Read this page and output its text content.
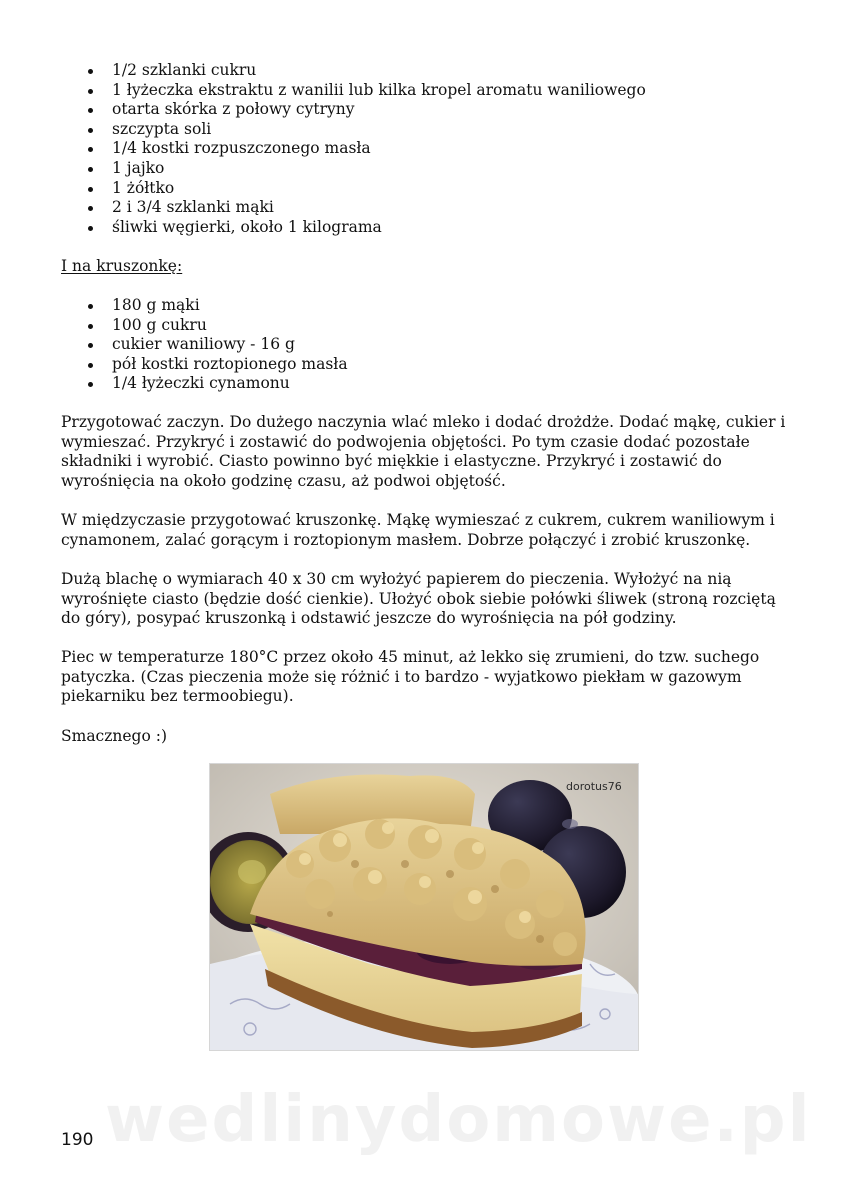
1/2 szklanki cukru
1 łyżeczka ekstraktu z wanilii lub kilka kropel aromatu waniliowego
otarta skórka z połowy cytryny
szczypta soli
1/4 kostki rozpuszczonego masła
1 jajko
1 żółtko
2 i 3/4 szklanki mąki
śliwki węgierki, około 1 kilograma
I na kruszonkę:
180 g mąki
100 g cukru
cukier waniliowy - 16 g
pół kostki roztopionego masła
1/4 łyżeczki cynamonu

Przygotować zaczyn. Do dużego naczynia wlać mleko i dodać drożdże. Dodać mąkę, cukier i wymieszać. Przykryć i zostawić do podwojenia objętości. Po tym czasie dodać pozostałe składniki i wyrobić. Ciasto powinno być miękkie i elastyczne. Przykryć i zostawić do wyrośnięcia na około godzinę czasu, aż podwoi objętość.

W międzyczasie przygotować kruszonkę. Mąkę wymieszać z cukrem, cukrem waniliowym i cynamonem, zalać gorącym i roztopionym masłem. Dobrze połączyć i zrobić kruszonkę.

Dużą blachę o wymiarach 40 x 30 cm wyłożyć papierem do pieczenia. Wyłożyć na nią wyrośnięte ciasto (będzie dość cienkie). Ułożyć obok siebie połówki śliwek (stroną rozciętą do góry), posypać kruszonką i odstawić jeszcze do wyrośnięcia na pół godziny.

Piec w temperaturze 180°C przez około 45 minut, aż lekko się zrumieni, do tzw. suchego patyczka. (Czas pieczenia może się różnić i to bardzo - wyjatkowo piekłam w gazowym piekarniku bez termoobiegu).

Smacznego :)

dorotus76
wedlinydomowe.pl
190
